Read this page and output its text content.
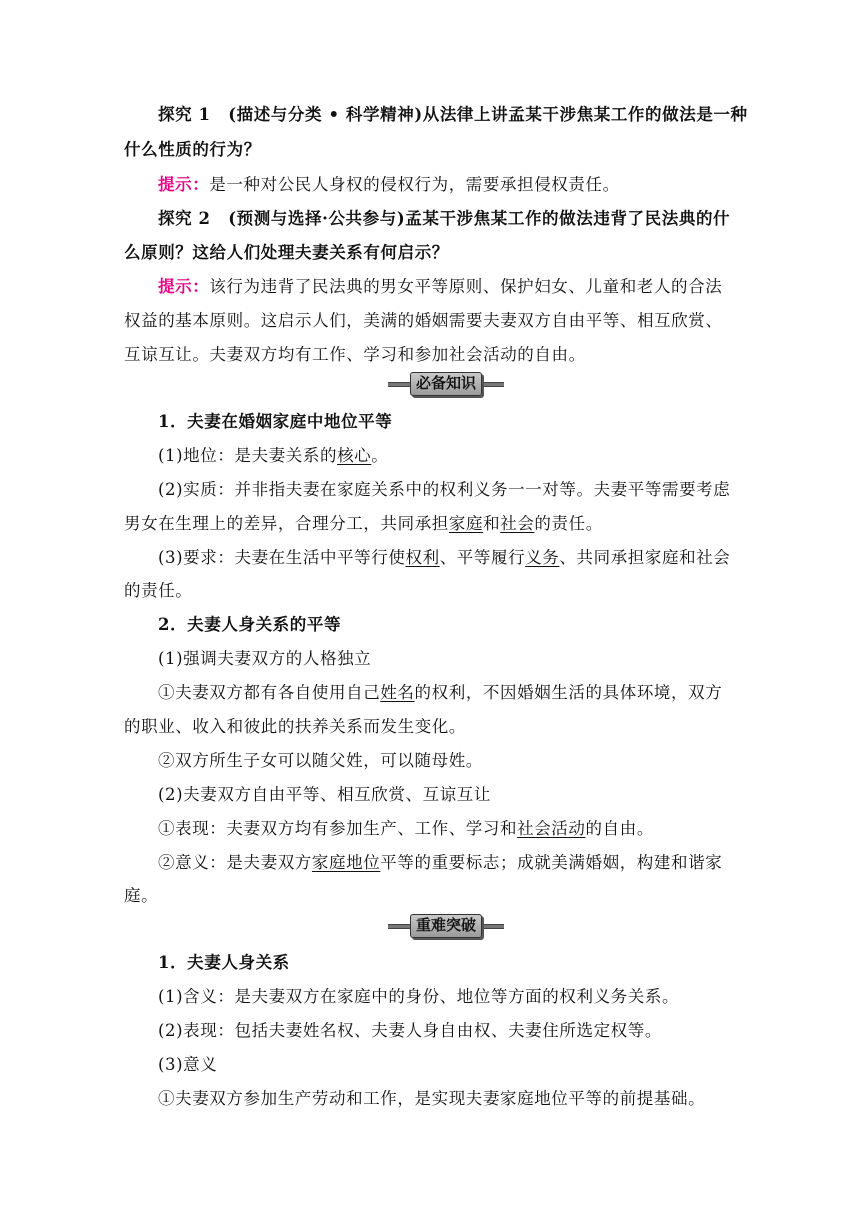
探究 1 (描述与分类 • 科学精神)从法律上讲孟某干涉焦某工作的做法是一种
什么性质的行为？
提示：是一种对公民人身权的侵权行为，需要承担侵权责任。
探究 2 (预测与选择·公共参与)孟某干涉焦某工作的做法违背了民法典的什
么原则？这给人们处理夫妻关系有何启示？
提示：该行为违背了民法典的男女平等原则、保护妇女、儿童和老人的合法
权益的基本原则。这启示人们，美满的婚姻需要夫妻双方自由平等、相互欣赏、
互谅互让。夫妻双方均有工作、学习和参加社会活动的自由。
必备知识
1．夫妻在婚姻家庭中地位平等
(1)地位：是夫妻关系的核心。
(2)实质：并非指夫妻在家庭关系中的权利义务一一对等。夫妻平等需要考虑
男女在生理上的差异，合理分工，共同承担家庭和社会的责任。
(3)要求：夫妻在生活中平等行使权利、平等履行义务、共同承担家庭和社会
的责任。
2．夫妻人身关系的平等
(1)强调夫妻双方的人格独立
①夫妻双方都有各自使用自己姓名的权利，不因婚姻生活的具体环境，双方
的职业、收入和彼此的扶养关系而发生变化。
②双方所生子女可以随父姓，可以随母姓。
(2)夫妻双方自由平等、相互欣赏、互谅互让
①表现：夫妻双方均有参加生产、工作、学习和社会活动的自由。
②意义：是夫妻双方家庭地位平等的重要标志；成就美满婚姻，构建和谐家
庭。
重难突破
1．夫妻人身关系
(1)含义：是夫妻双方在家庭中的身份、地位等方面的权利义务关系。
(2)表现：包括夫妻姓名权、夫妻人身自由权、夫妻住所选定权等。
(3)意义
①夫妻双方参加生产劳动和工作，是实现夫妻家庭地位平等的前提基础。
